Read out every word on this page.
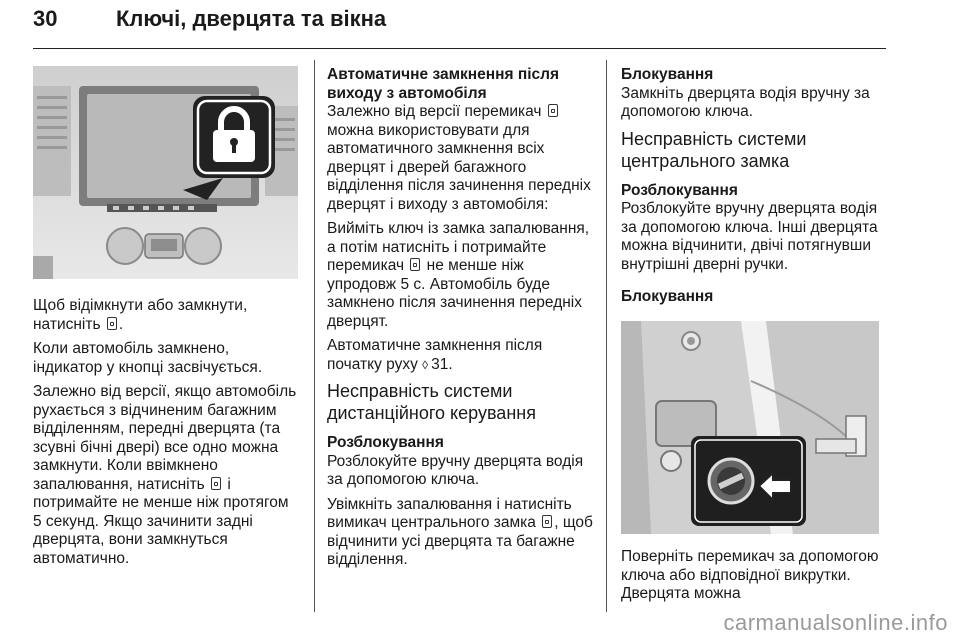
30	Ключі, дверцята та вікна

Щоб відімкнути або замкнути, натисніть .

Коли автомобіль замкнено, індикатор у кнопці засвічується.

Залежно від версії, якщо автомобіль рухається з відчиненим багажним відділенням, передні дверцята (та зсувні бічні двері) все одно можна замкнути. Коли ввімкнено запалювання, натисніть і потримайте не менше ніж протягом 5 секунд. Якщо зачинити задні дверцята, вони замкнуться автоматично.

Автоматичне замкнення після виходу з автомобіля

Залежно від версії перемикач  можна використовувати для автоматичного замкнення всіх дверцят і дверей багажного відділення після зачинення передніх дверцят і виходу з автомобіля:

Вийміть ключ із замка запалювання, а потім натисніть і потримайте перемикач не менше ніж упродовж 5 с. Автомобіль буде замкнено після зачинення передніх дверцят.

Автоматичне замкнення після початку руху ◊ 31.

Несправність системи дистанційного керування
Розблокування

Розблокуйте вручну дверцята водія за допомогою ключа.

Увімкніть запалювання і натисніть вимикач центрального замка , щоб відчинити усі дверцята та багажне відділення.

Блокування

Замкніть дверцята водія вручну за допомогою ключа.

Несправність системи центрального замка
Розблокування

Розблокуйте вручну дверцята водія за допомогою ключа. Інші дверцята можна відчинити, двічі потягнувши внутрішні дверні ручки.

Блокування

Поверніть перемикач за допомогою ключа або відповідної викрутки. Дверцята можна

carmanualsonline.info
